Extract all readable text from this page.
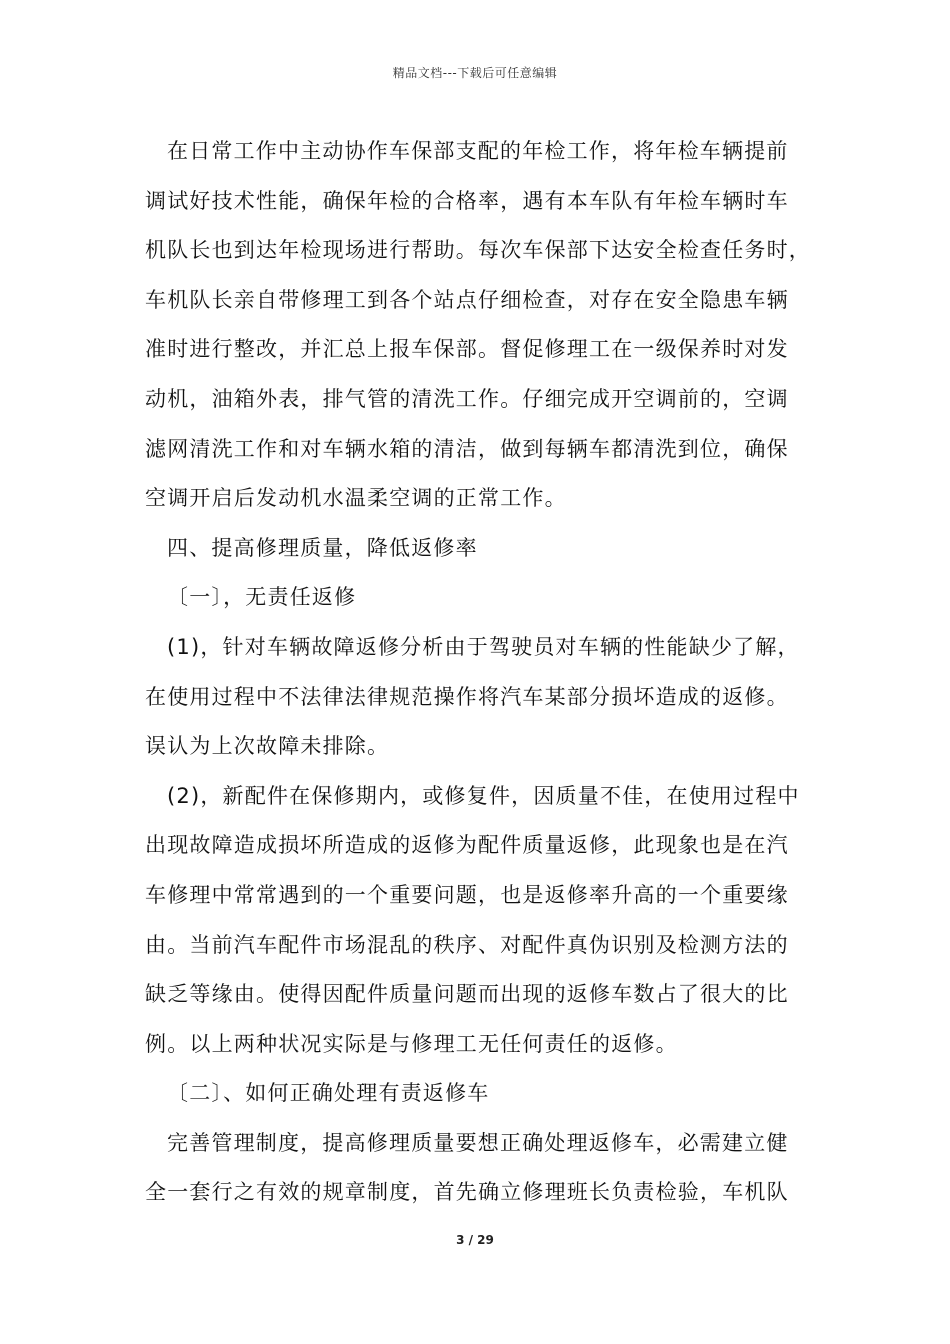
精品文档---下载后可任意编辑
在日常工作中主动协作车保部支配的年检工作，将年检车辆提前
调试好技术性能，确保年检的合格率，遇有本车队有年检车辆时车
机队长也到达年检现场进行帮助。每次车保部下达安全检查任务时，
车机队长亲自带修理工到各个站点仔细检查，对存在安全隐患车辆
准时进行整改，并汇总上报车保部。督促修理工在一级保养时对发
动机，油箱外表，排气管的清洗工作。仔细完成开空调前的，空调
滤网清洗工作和对车辆水箱的清洁，做到每辆车都清洗到位，确保
空调开启后发动机水温柔空调的正常工作。
四、提高修理质量，降低返修率
〔一〕，无责任返修
(1)，针对车辆故障返修分析由于驾驶员对车辆的性能缺少了解，
在使用过程中不法律法律规范操作将汽车某部分损坏造成的返修。
误认为上次故障未排除。
(2)，新配件在保修期内，或修复件，因质量不佳，在使用过程中
出现故障造成损坏所造成的返修为配件质量返修，此现象也是在汽
车修理中常常遇到的一个重要问题，也是返修率升高的一个重要缘
由。当前汽车配件市场混乱的秩序、对配件真伪识别及检测方法的
缺乏等缘由。使得因配件质量问题而出现的返修车数占了很大的比
例。以上两种状况实际是与修理工无任何责任的返修。
〔二〕、如何正确处理有责返修车
完善管理制度，提高修理质量要想正确处理返修车，必需建立健
全一套行之有效的规章制度，首先确立修理班长负责检验，车机队
3 / 29
